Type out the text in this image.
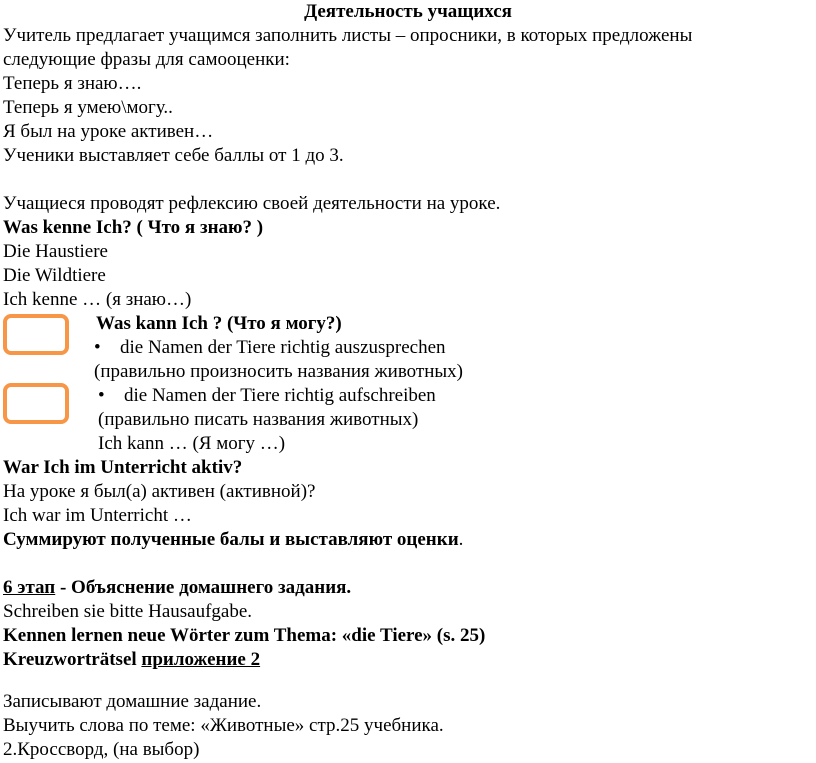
Деятельность учащихся
Учитель предлагает учащимся заполнить листы – опросники, в которых предложены
следующие фразы для самооценки:
Теперь я знаю….
Теперь я умею\могу..
Я был на уроке активен…
Ученики выставляет себе баллы от 1 до 3.
Учащиеся проводят рефлексию своей деятельности на уроке.
Was kenne Ich? ( Что я знаю? )
Die Haustiere
Die Wildtiere
Ich kenne … (я знаю…)
Was kann Ich ? (Что я могу?)
• die Namen der Tiere richtig auszusprechen
(правильно произносить названия животных)
• die Namen der Tiere richtig aufschreiben
(правильно писать названия животных)
Ich kann … (Я могу …)
War Ich im Unterricht aktiv?
На уроке я был(а) активен (активной)?
Ich war im Unterricht …
Суммируют полученные балы и выставляют оценки.
6 этап - Объяснение домашнего задания.
Schreiben sie bitte Hausaufgabe.
Kennen lernen neue Wörter zum Thema: «die Tiere» (s. 25)
Kreuzworträtsel приложение 2
Записывают домашние задание.
Выучить слова по теме: «Животные» стр.25 учебника.
2.Кроссворд, (на выбор)
